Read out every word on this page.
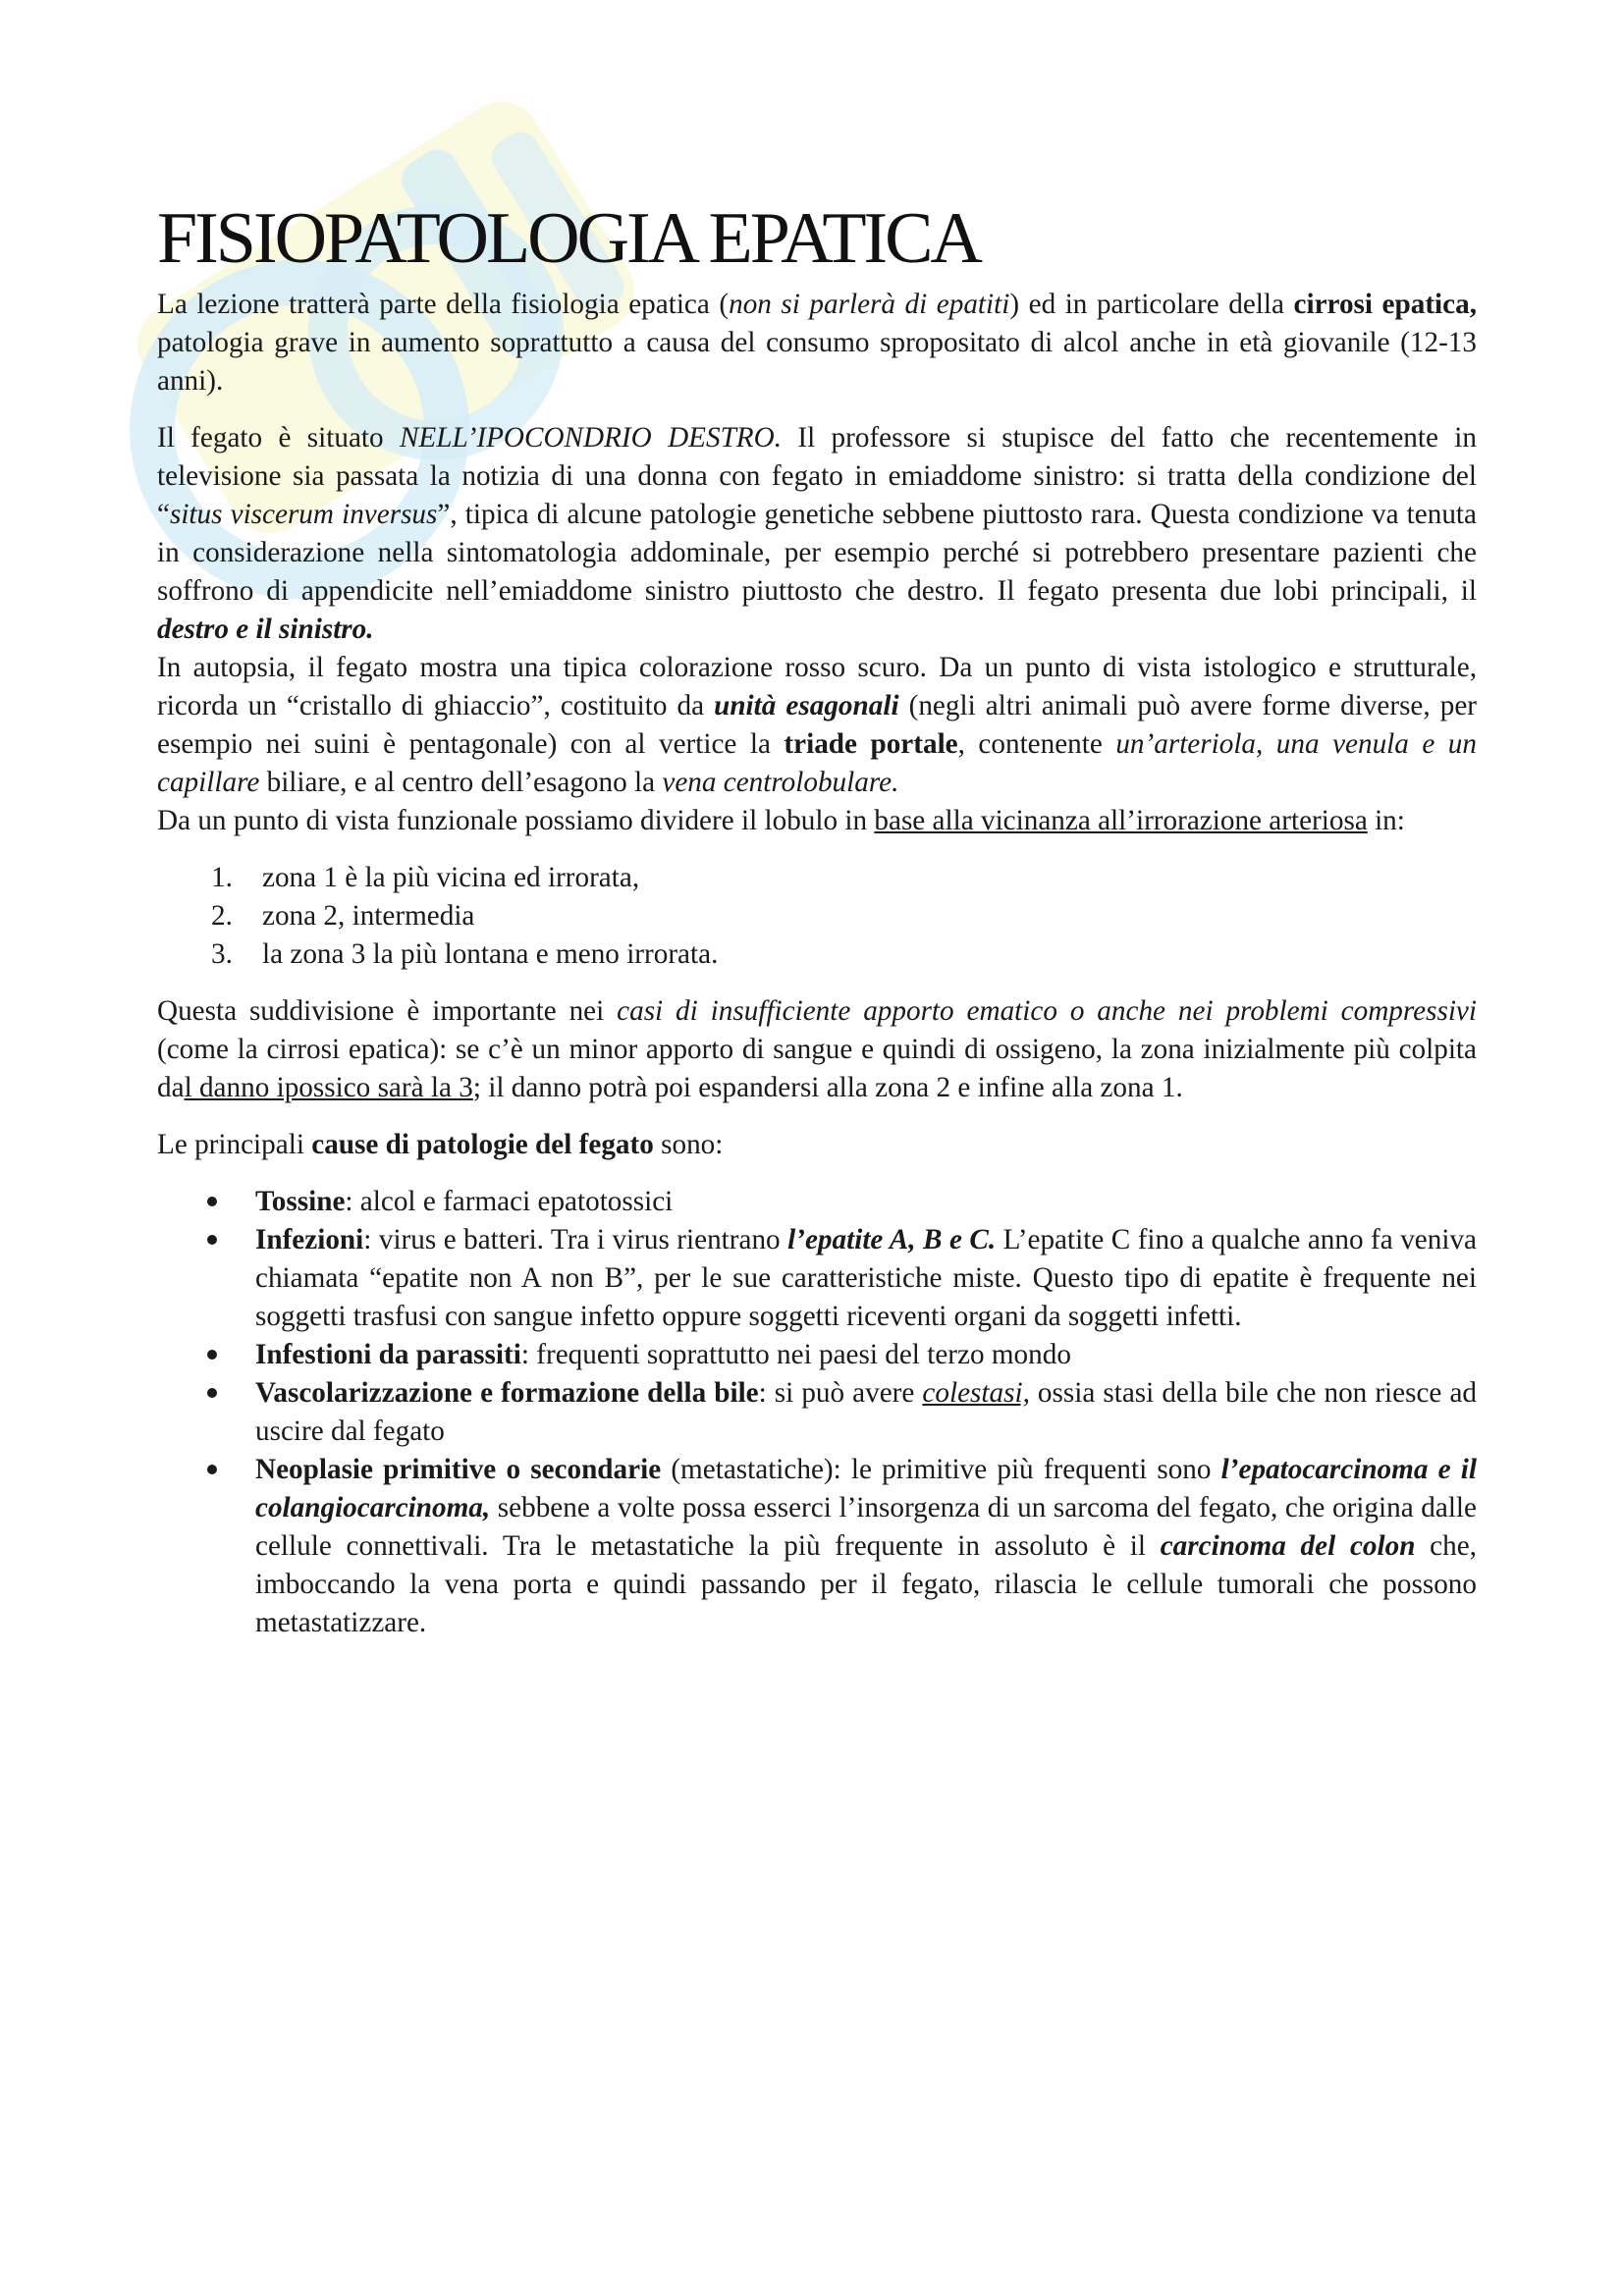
FISIOPATOLOGIA EPATICA

La lezione tratterà parte della fisiologia epatica (non si parlerà di epatiti) ed in particolare della cirrosi epatica, patologia grave in aumento soprattutto a causa del consumo spropositato di alcol anche in età giovanile (12-13 anni).

Il fegato è situato NELL’IPOCONDRIO DESTRO. Il professore si stupisce del fatto che recentemente in televisione sia passata la notizia di una donna con fegato in emiaddome sinistro: si tratta della condizione del “situs viscerum inversus”, tipica di alcune patologie genetiche sebbene piuttosto rara. Questa condizione va tenuta in considerazione nella sintomatologia addominale, per esempio perché si potrebbero presentare pazienti che soffrono di appendicite nell’emiaddome sinistro piuttosto che destro. Il fegato presenta due lobi principali, il destro e il sinistro.

In autopsia, il fegato mostra una tipica colorazione rosso scuro. Da un punto di vista istologico e strutturale, ricorda un “cristallo di ghiaccio”, costituito da unità esagonali (negli altri animali può avere forme diverse, per esempio nei suini è pentagonale) con al vertice la triade portale, contenente un’arteriola, una venula e un capillare biliare, e al centro dell’esagono la vena centrolobulare.

Da un punto di vista funzionale possiamo dividere il lobulo in base alla vicinanza all’irrorazione arteriosa in:

1. zona 1 è la più vicina ed irrorata,
2. zona 2, intermedia
3. la zona 3 la più lontana e meno irrorata.

Questa suddivisione è importante nei casi di insufficiente apporto ematico o anche nei problemi compressivi (come la cirrosi epatica): se c’è un minor apporto di sangue e quindi di ossigeno, la zona inizialmente più colpita dal danno ipossico sarà la 3; il danno potrà poi espandersi alla zona 2 e infine alla zona 1.

Le principali cause di patologie del fegato sono:

Tossine: alcol e farmaci epatotossici
Infezioni: virus e batteri. Tra i virus rientrano l’epatite A, B e C. L’epatite C fino a qualche anno fa veniva chiamata “epatite non A non B”, per le sue caratteristiche miste. Questo tipo di epatite è frequente nei soggetti trasfusi con sangue infetto oppure soggetti riceventi organi da soggetti infetti.
Infestioni da parassiti: frequenti soprattutto nei paesi del terzo mondo
Vascolarizzazione e formazione della bile: si può avere colestasi, ossia stasi della bile che non riesce ad uscire dal fegato
Neoplasie primitive o secondarie (metastatiche): le primitive più frequenti sono l’epatocarcinoma e il colangiocarcinoma, sebbene a volte possa esserci l’insorgenza di un sarcoma del fegato, che origina dalle cellule connettivali. Tra le metastatiche la più frequente in assoluto è il carcinoma del colon che, imboccando la vena porta e quindi passando per il fegato, rilascia le cellule tumorali che possono metastatizzare.
